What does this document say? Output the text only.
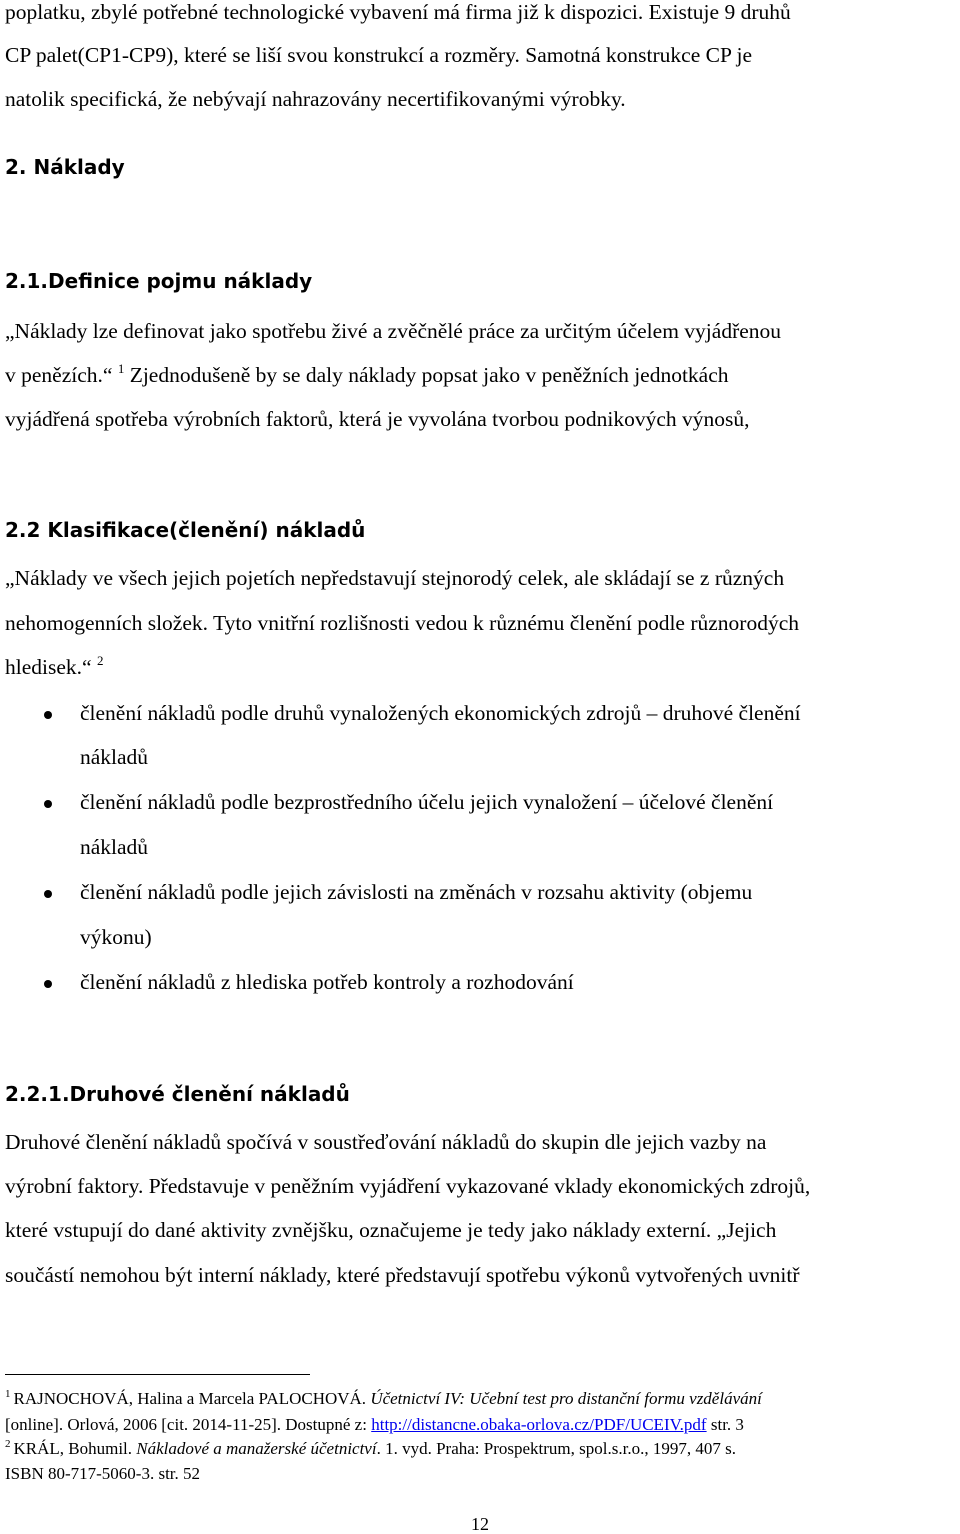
poplatku, zbylé potřebné technologické vybavení má firma již k dispozici. Existuje 9 druhů
CP palet(CP1-CP9), které se liší svou konstrukcí a rozměry. Samotná konstrukce CP je
natolik specifická, že nebývají nahrazovány necertifikovanými výrobky.
2. Náklady
2.1.Definice pojmu náklady
„Náklady lze definovat jako spotřebu živé a zvěčnělé práce za určitým účelem vyjádřenou
v penězích.“ $^1$ Zjednodušeně by se daly náklady popsat jako v peněžních jednotkách
vyjádřená spotřeba výrobních faktorů, která je vyvolána tvorbou podnikových výnosů,
2.2 Klasifikace(členění) nákladů
„Náklady ve všech jejich pojetích nepředstavují stejnorodý celek, ale skládají se z různých
nehomogenních složek. Tyto vnitřní rozlišnosti vedou k různému členění podle různorodých
hledisek.“ $^2$
členění nákladů podle druhů vynaložených ekonomických zdrojů – druhové členění
nákladů
členění nákladů podle bezprostředního účelu jejich vynaložení – účelové členění
nákladů
členění nákladů podle jejich závislosti na změnách v rozsahu aktivity (objemu
výkonu)
členění nákladů z hlediska potřeb kontroly a rozhodování
2.2.1.Druhové členění nákladů
Druhové členění nákladů spočívá v soustřeďování nákladů do skupin dle jejich vazby na
výrobní faktory. Představuje v peněžním vyjádření vykazované vklady ekonomických zdrojů,
které vstupují do dané aktivity zvnějšku, označujeme je tedy jako náklady externí. „Jejich
součástí nemohou být interní náklady, které představují spotřebu výkonů vytvořených uvnitř
$^1$ RAJNOCHOVÁ, Halina a Marcela PALOCHOVÁ. Účetnictví IV: Učební test pro distanční formu vzdělávání
[online]. Orlová, 2006 [cit. 2014-11-25]. Dostupné z: http://distancne.obaka-orlova.cz/PDF/UCEIV.pdf str. 3
$^2$ KRÁL, Bohumil. Nákladové a manažerské účetnictví. 1. vyd. Praha: Prospektrum, spol.s.r.o., 1997, 407 s.
ISBN 80-717-5060-3. str. 52
12
